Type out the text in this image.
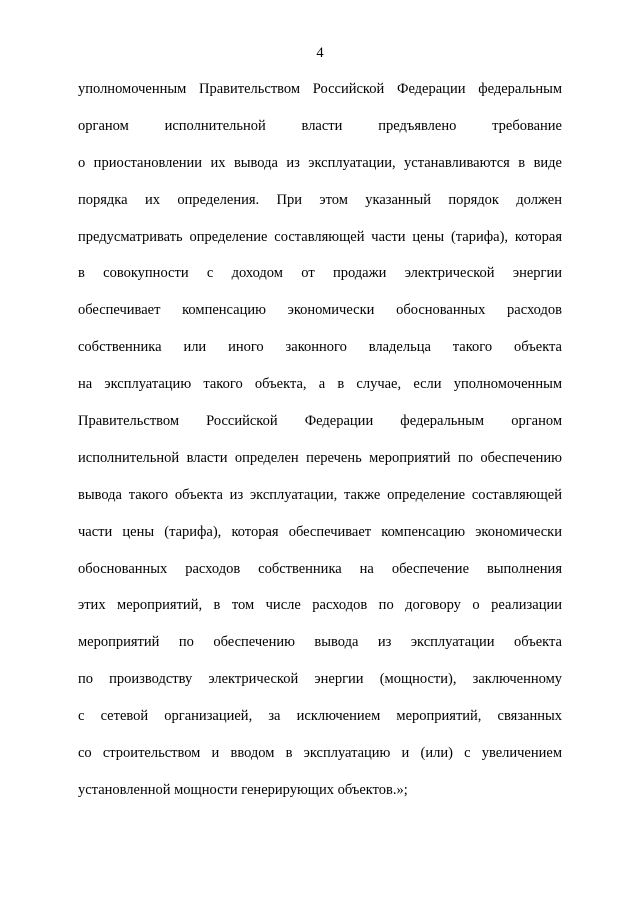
4
уполномоченным Правительством Российской Федерации федеральным
органом исполнительной власти предъявлено требование
о приостановлении их вывода из эксплуатации, устанавливаются в виде
порядка их определения. При этом указанный порядок должен
предусматривать определение составляющей части цены (тарифа), которая
в совокупности с доходом от продажи электрической энергии
обеспечивает компенсацию экономически обоснованных расходов
собственника или иного законного владельца такого объекта
на эксплуатацию такого объекта, а в случае, если уполномоченным
Правительством Российской Федерации федеральным органом
исполнительной власти определен перечень мероприятий по обеспечению
вывода такого объекта из эксплуатации, также определение составляющей
части цены (тарифа), которая обеспечивает компенсацию экономически
обоснованных расходов собственника на обеспечение выполнения
этих мероприятий, в том числе расходов по договору о реализации
мероприятий по обеспечению вывода из эксплуатации объекта
по производству электрической энергии (мощности), заключенному
с сетевой организацией, за исключением мероприятий, связанных
со строительством и вводом в эксплуатацию и (или) с увеличением
установленной мощности генерирующих объектов.»;
